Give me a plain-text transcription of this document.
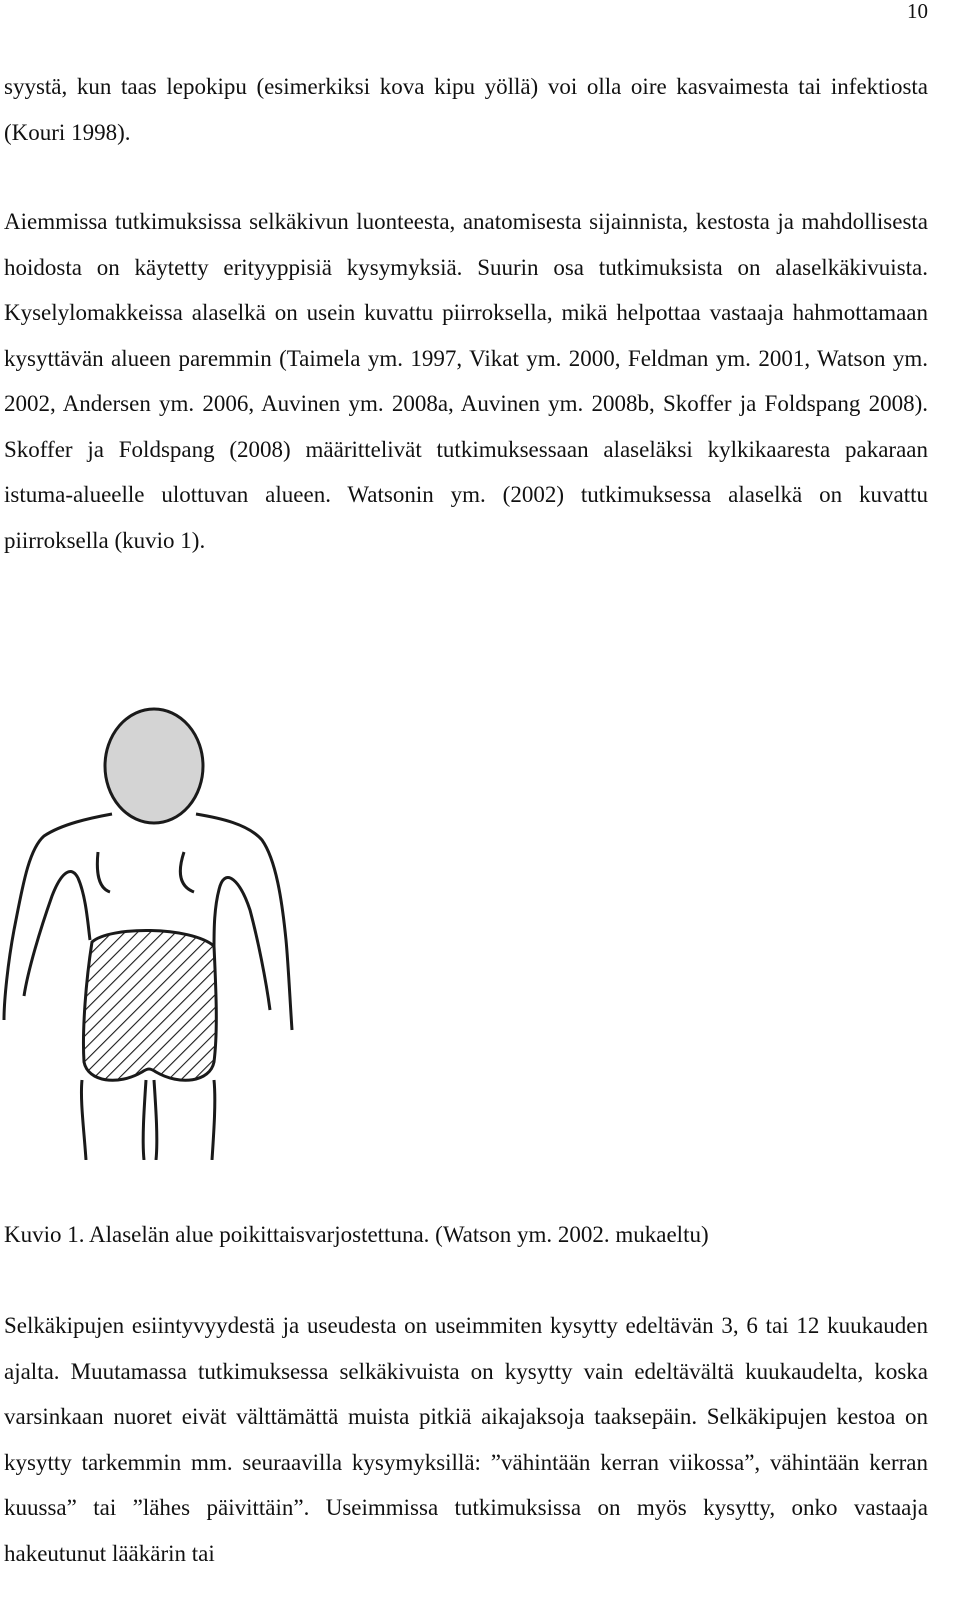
10

syystä, kun taas lepokipu (esimerkiksi kova kipu yöllä) voi olla oire kasvaimesta tai infektiosta (Kouri 1998).

Aiemmissa tutkimuksissa selkäkivun luonteesta, anatomisesta sijainnista, kestosta ja mahdollisesta hoidosta on käytetty erityyppisiä kysymyksiä. Suurin osa tutkimuksista on alaselkäkivuista. Kyselylomakkeissa alaselkä on usein kuvattu piirroksella, mikä helpottaa vastaaja hahmottamaan kysyttävän alueen paremmin (Taimela ym. 1997, Vikat ym. 2000, Feldman ym. 2001, Watson ym. 2002, Andersen ym. 2006, Auvinen ym. 2008a, Auvinen ym. 2008b, Skoffer ja Foldspang 2008). Skoffer ja Foldspang (2008) määrittelivät tutkimuksessaan alaseläksi kylkikaaresta pakaraan istuma-alueelle ulottuvan alueen. Watsonin ym. (2002) tutkimuksessa alaselkä on kuvattu piirroksella (kuvio 1).

Kuvio 1. Alaselän alue poikittaisvarjostettuna. (Watson ym. 2002. mukaeltu)

Selkäkipujen esiintyvyydestä ja useudesta on useimmiten kysytty edeltävän 3, 6 tai 12 kuukauden ajalta. Muutamassa tutkimuksessa selkäkivuista on kysytty vain edeltävältä kuukaudelta, koska varsinkaan nuoret eivät välttämättä muista pitkiä aikajaksoja taaksepäin. Selkäkipujen kestoa on kysytty tarkemmin mm. seuraavilla kysymyksillä: ”vähintään kerran viikossa”, vähintään kerran kuussa” tai ”lähes päivittäin”. Useimmissa tutkimuksissa on myös kysytty, onko vastaaja hakeutunut lääkärin tai
